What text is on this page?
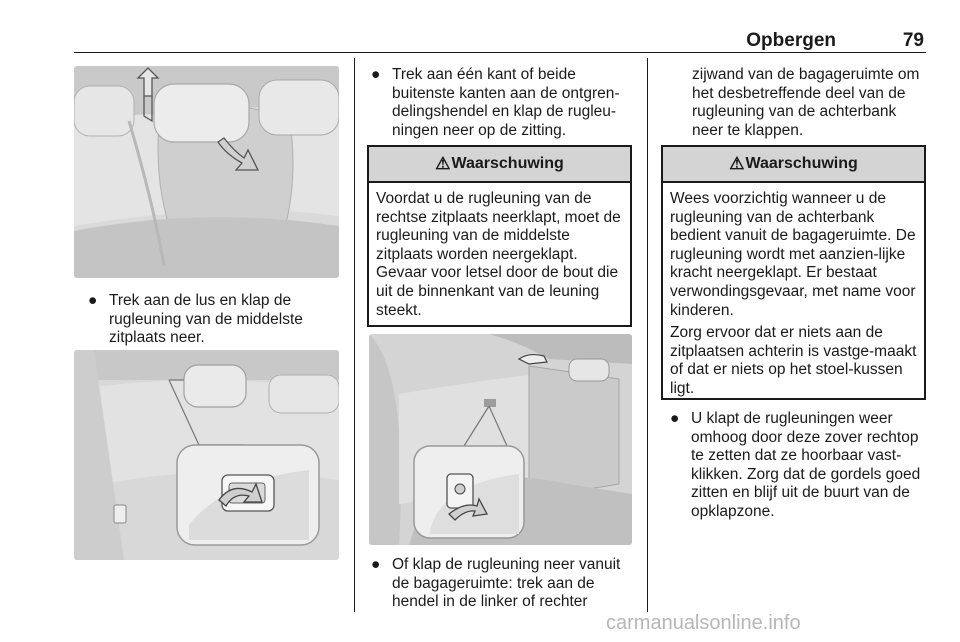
Opbergen	79
● Trek aan de lus en klap de rugleuning van de middelste zitplaats neer.
● Trek aan één kant of beide buitenste kanten aan de ontgren-delingshendel en klap de rugleu-ningen neer op de zitting.
⚠ Waarschuwing

Voordat u de rugleuning van de rechtse zitplaats neerklapt, moet de rugleuning van de middelste zitplaats worden neergeklapt. Gevaar voor letsel door de bout die uit de binnenkant van de leuning steekt.

● Of klap de rugleuning neer vanuit de bagageruimte: trek aan de hendel in de linker of rechter
zijwand van de bagageruimte om het desbetreffende deel van de rugleuning van de achterbank neer te klappen.
⚠ Waarschuwing

Wees voorzichtig wanneer u de rugleuning van de achterbank bedient vanuit de bagageruimte. De rugleuning wordt met aanzien-lijke kracht neergeklapt. Er bestaat verwondingsgevaar, met name voor kinderen.

Zorg ervoor dat er niets aan de zitplaatsen achterin is vastge-maakt of dat er niets op het stoel-kussen ligt.

● U klapt de rugleuningen weer omhoog door deze zover rechtop te zetten dat ze hoorbaar vast-klikken. Zorg dat de gordels goed zitten en blijf uit de buurt van de opklapzone.
carmanualsonline.info
